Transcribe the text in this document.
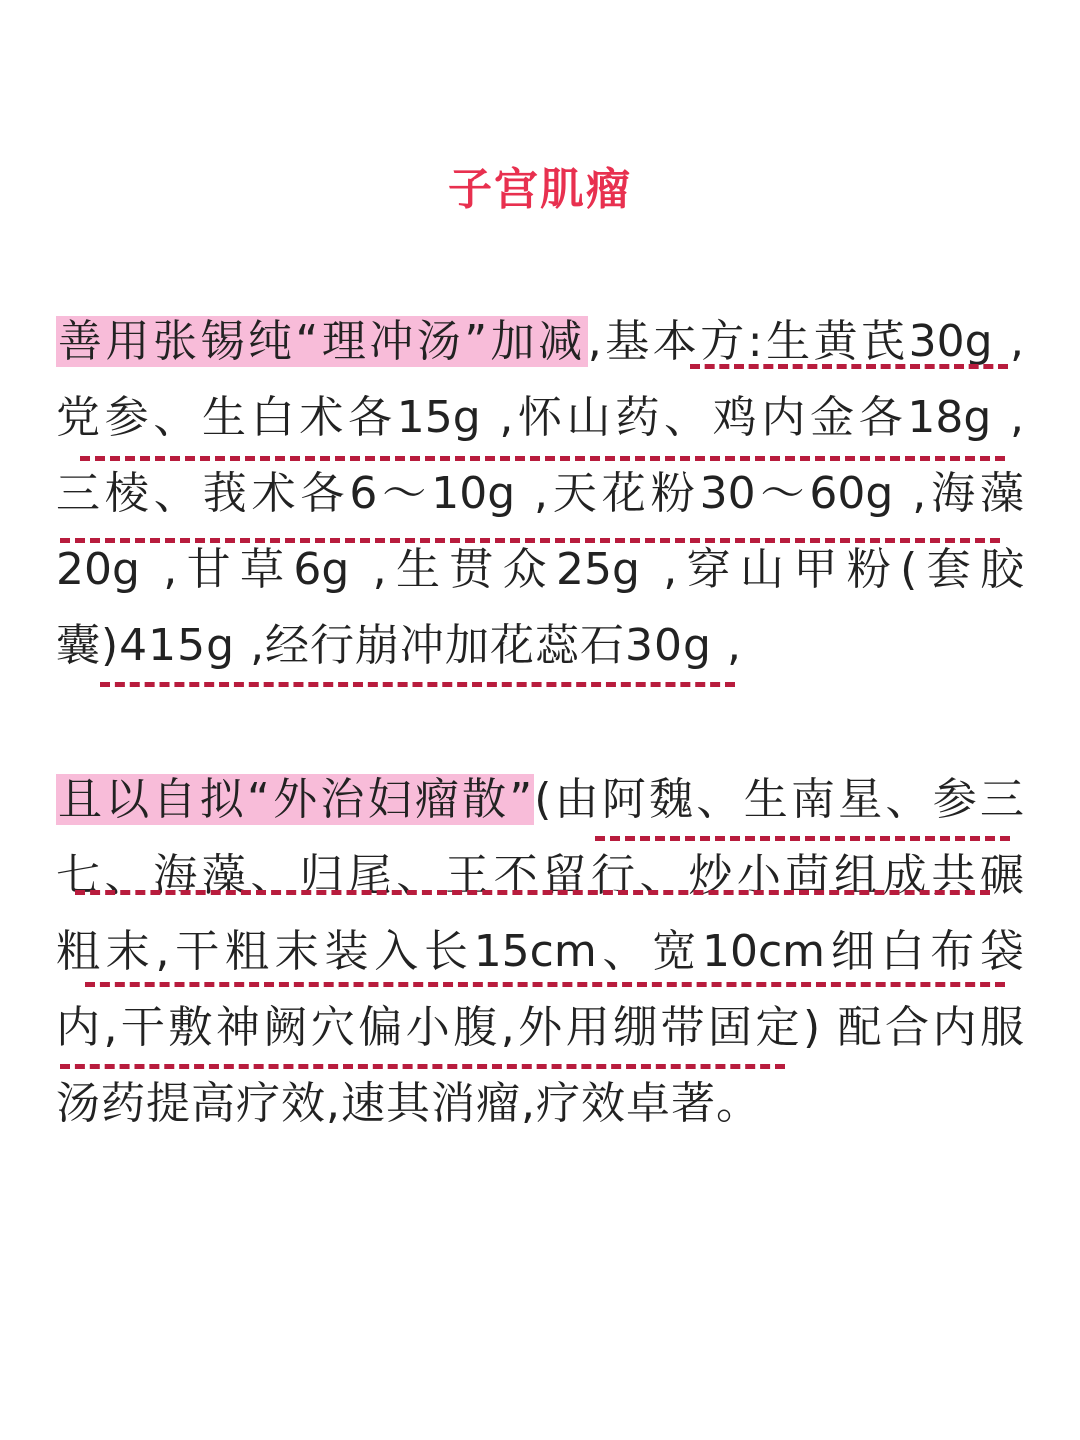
子宫肌瘤
善用张锡纯“理冲汤”加减,基本方:生黄芪30g ,
党参、生白术各15g ,怀山药、鸡内金各18g ,
三棱、莪术各6～10g ,天花粉30～60g ,海藻
20g ,甘草6g ,生贯众25g ,穿山甲粉(套胶
囊)415g ,经行崩冲加花蕊石30g ,
且以自拟“外治妇瘤散”(由阿魏、生南星、参三
七、海藻、归尾、王不留行、炒小茴组成共碾
粗末,干粗末装入长15cm、宽10cm细白布袋
内,干敷神阙穴偏小腹,外用绷带固定) 配合内服
汤药提高疗效,速其消瘤,疗效卓著。
